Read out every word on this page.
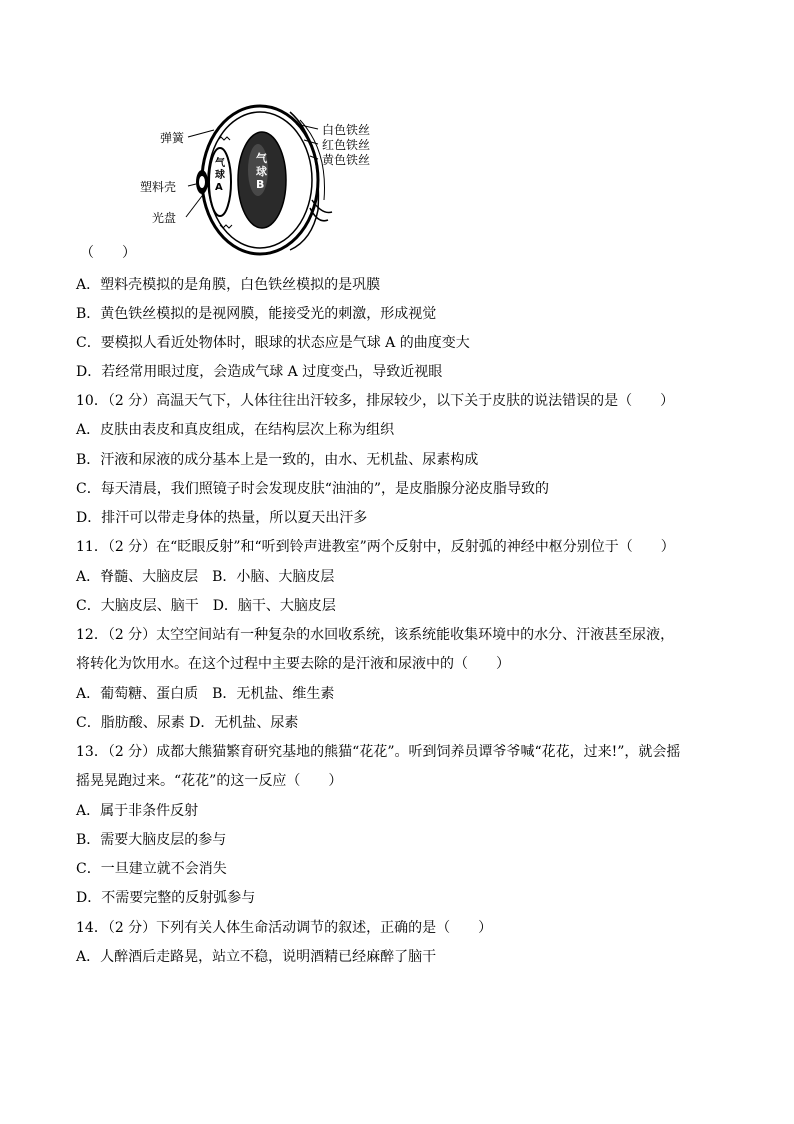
弹簧
塑料壳
光盘
白色铁丝
红色铁丝
黄色铁丝
气球A
气球B
（　　）
A．塑料壳模拟的是角膜，白色铁丝模拟的是巩膜
B．黄色铁丝模拟的是视网膜，能接受光的刺激，形成视觉
C．要模拟人看近处物体时，眼球的状态应是气球 A 的曲度变大
D．若经常用眼过度，会造成气球 A 过度变凸，导致近视眼
10．（2 分）高温天气下，人体往往出汗较多，排尿较少，以下关于皮肤的说法错误的是（　　）
A．皮肤由表皮和真皮组成，在结构层次上称为组织
B．汗液和尿液的成分基本上是一致的，由水、无机盐、尿素构成
C．每天清晨，我们照镜子时会发现皮肤“油油的”，是皮脂腺分泌皮脂导致的
D．排汗可以带走身体的热量，所以夏天出汗多
11．（2 分）在“眨眼反射”和“听到铃声进教室”两个反射中，反射弧的神经中枢分别位于（　　）
A．脊髓、大脑皮层　B．小脑、大脑皮层
C．大脑皮层、脑干　D．脑干、大脑皮层
12．（2 分）太空空间站有一种复杂的水回收系统，该系统能收集环境中的水分、汗液甚至尿液，
将转化为饮用水。在这个过程中主要去除的是汗液和尿液中的（　　）
A．葡萄糖、蛋白质　B．无机盐、维生素
C．脂肪酸、尿素 D．无机盐、尿素
13．（2 分）成都大熊猫繁育研究基地的熊猫“花花”。听到饲养员谭爷爷喊“花花，过来!”，就会摇
摇晃晃跑过来。“花花”的这一反应（　　）
A．属于非条件反射
B．需要大脑皮层的参与
C．一旦建立就不会消失
D．不需要完整的反射弧参与
14．（2 分）下列有关人体生命活动调节的叙述，正确的是（　　）
A．人醉酒后走路晃，站立不稳，说明酒精已经麻醉了脑干
